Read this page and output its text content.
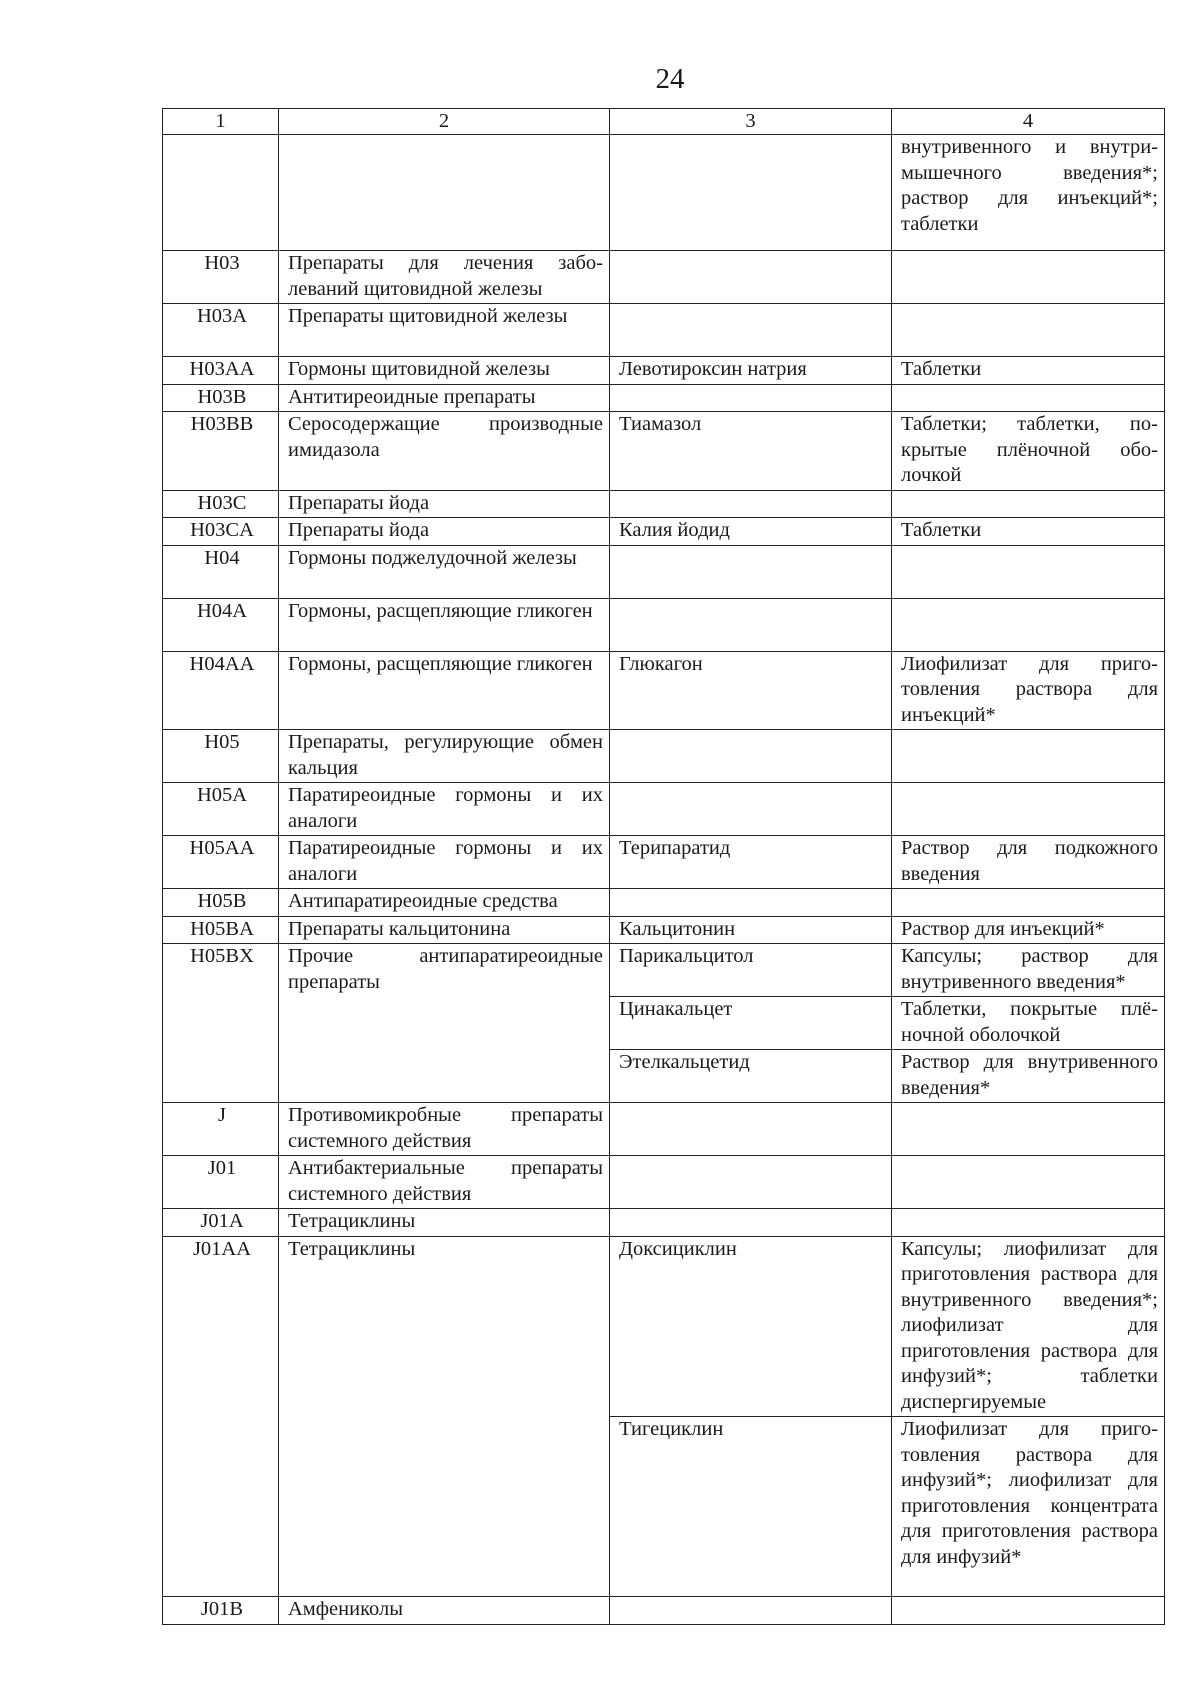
24
1	2	3	4
			внутривенного и внутримышечного введения*; раствор для инъекций*; таблетки
H03	Препараты для лечения заболеваний щитовидной железы		
H03A	Препараты щитовидной железы		
H03AA	Гормоны щитовидной железы	Левотироксин натрия	Таблетки
H03B	Антитиреоидные препараты		
H03BB	Серосодержащие производные имидазола	Тиамазол	Таблетки; таблетки, покрытые плёночной оболочкой
H03C	Препараты йода		
H03CA	Препараты йода	Калия йодид	Таблетки
H04	Гормоны поджелудочной железы		
H04A	Гормоны, расщепляющие гликоген		
H04AA	Гормоны, расщепляющие гликоген	Глюкагон	Лиофилизат для приготовления раствора для инъекций*
H05	Препараты, регулирующие обмен кальция		
H05A	Паратиреоидные гормоны и их аналоги		
H05AA	Паратиреоидные гормоны и их аналоги	Терипаратид	Раствор для подкожного введения
H05B	Антипаратиреоидные средства		
H05BA	Препараты кальцитонина	Кальцитонин	Раствор для инъекций*
H05BX	Прочие антипаратиреоидные препараты	Парикальцитол	Капсулы; раствор для внутривенного введения*
		Цинакальцет	Таблетки, покрытые плёночной оболочкой
		Этелкальцетид	Раствор для внутривенного введения*
J	Противомикробные препараты системного действия		
J01	Антибактериальные препараты системного действия		
J01A	Тетрациклины		
J01AA	Тетрациклины	Доксициклин	Капсулы; лиофилизат для приготовления раствора для внутривенного введения*; лиофилизат для приготовления раствора для инфузий*; таблетки диспергируемые
		Тигециклин	Лиофилизат для приготовления раствора для инфузий*; лиофилизат для приготовления концентрата для приготовления раствора для инфузий*
J01B	Амфениколы		
